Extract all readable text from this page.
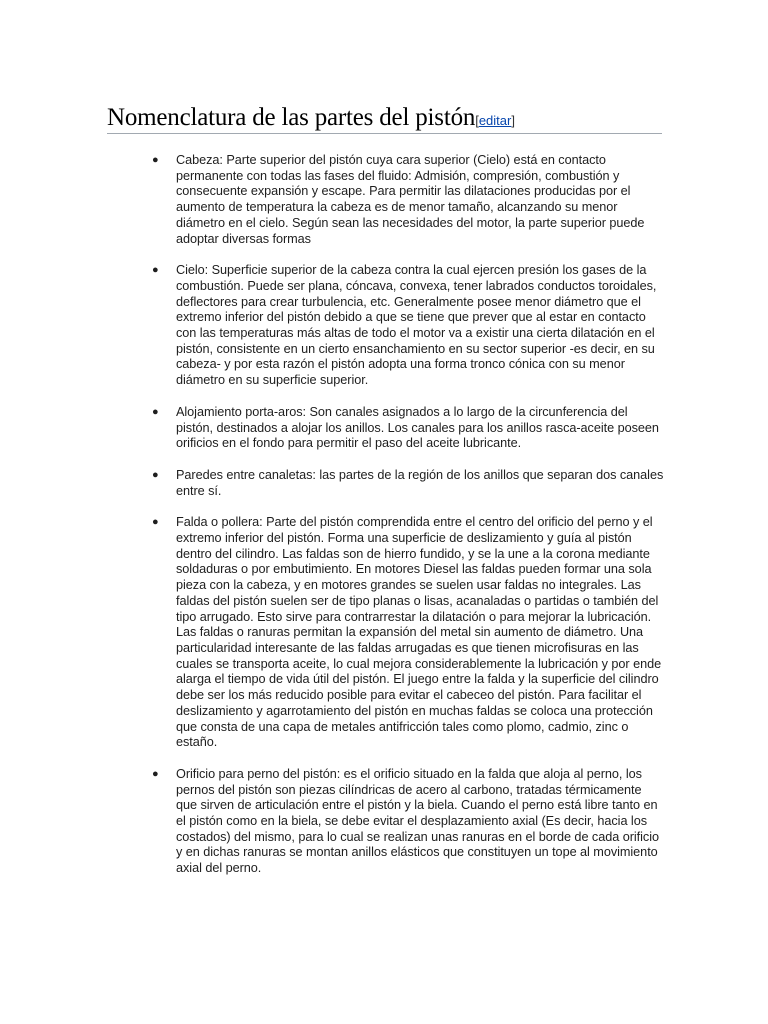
Nomenclatura de las partes del pistón[editar]
● Cabeza: Parte superior del pistón cuya cara superior (Cielo) está en contacto permanente con todas las fases del fluido: Admisión, compresión, combustión y consecuente expansión y escape. Para permitir las dilataciones producidas por el aumento de temperatura la cabeza es de menor tamaño, alcanzando su menor diámetro en el cielo. Según sean las necesidades del motor, la parte superior puede adoptar diversas formas
● Cielo: Superficie superior de la cabeza contra la cual ejercen presión los gases de la combustión. Puede ser plana, cóncava, convexa, tener labrados conductos toroidales, deflectores para crear turbulencia, etc. Generalmente posee menor diámetro que el extremo inferior del pistón debido a que se tiene que prever que al estar en contacto con las temperaturas más altas de todo el motor va a existir una cierta dilatación en el pistón, consistente en un cierto ensanchamiento en su sector superior -es decir, en su cabeza- y por esta razón el pistón adopta una forma tronco cónica con su menor diámetro en su superficie superior.
● Alojamiento porta-aros: Son canales asignados a lo largo de la circunferencia del pistón, destinados a alojar los anillos. Los canales para los anillos rasca-aceite poseen orificios en el fondo para permitir el paso del aceite lubricante.
● Paredes entre canaletas: las partes de la región de los anillos que separan dos canales entre sí.
● Falda o pollera: Parte del pistón comprendida entre el centro del orificio del perno y el extremo inferior del pistón. Forma una superficie de deslizamiento y guía al pistón dentro del cilindro. Las faldas son de hierro fundido, y se la une a la corona mediante soldaduras o por embutimiento. En motores Diesel las faldas pueden formar una sola pieza con la cabeza, y en motores grandes se suelen usar faldas no integrales. Las faldas del pistón suelen ser de tipo planas o lisas, acanaladas o partidas o también del tipo arrugado. Esto sirve para contrarrestar la dilatación o para mejorar la lubricación. Las faldas o ranuras permitan la expansión del metal sin aumento de diámetro. Una particularidad interesante de las faldas arrugadas es que tienen microfisuras en las cuales se transporta aceite, lo cual mejora considerablemente la lubricación y por ende alarga el tiempo de vida útil del pistón. El juego entre la falda y la superficie del cilindro debe ser los más reducido posible para evitar el cabeceo del pistón. Para facilitar el deslizamiento y agarrotamiento del pistón en muchas faldas se coloca una protección que consta de una capa de metales antifricción tales como plomo, cadmio, zinc o estaño.
● Orificio para perno del pistón: es el orificio situado en la falda que aloja al perno, los pernos del pistón son piezas cilíndricas de acero al carbono, tratadas térmicamente que sirven de articulación entre el pistón y la biela. Cuando el perno está libre tanto en el pistón como en la biela, se debe evitar el desplazamiento axial (Es decir, hacia los costados) del mismo, para lo cual se realizan unas ranuras en el borde de cada orificio y en dichas ranuras se montan anillos elásticos que constituyen un tope al movimiento axial del perno.
